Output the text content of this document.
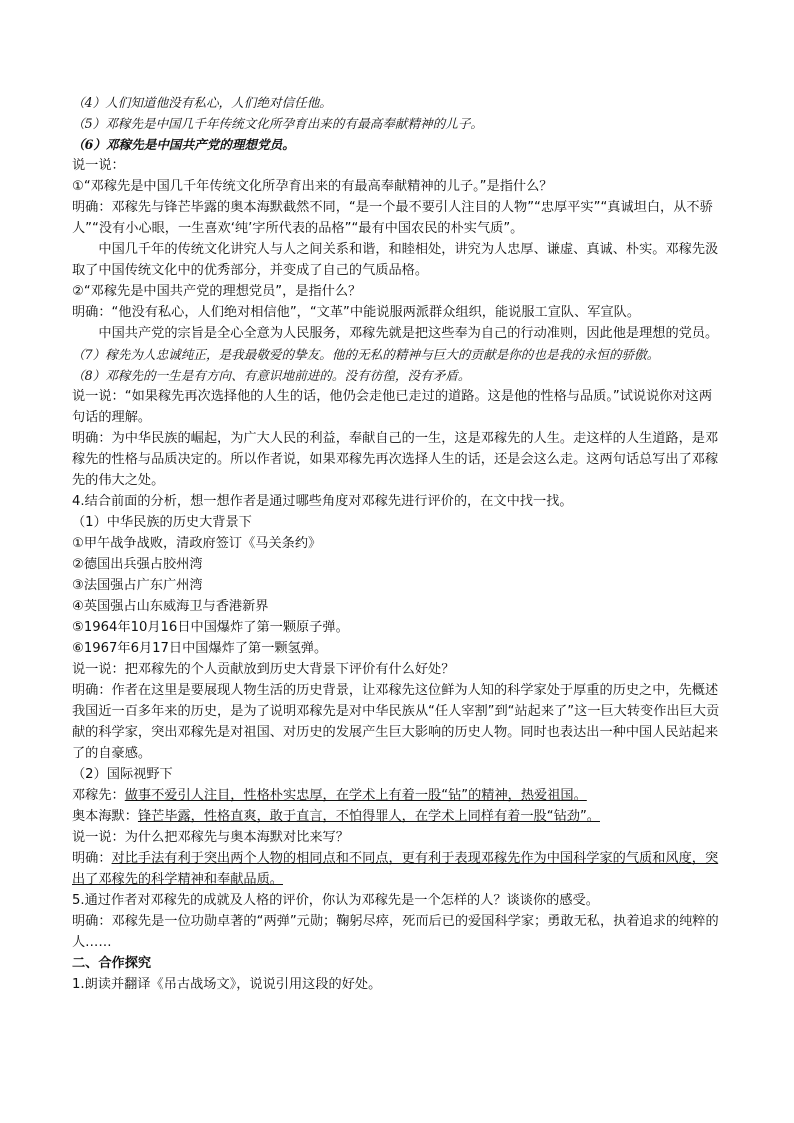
（4）人们知道他没有私心，人们绝对信任他。
（5）邓稼先是中国几千年传统文化所孕育出来的有最高奉献精神的儿子。
（6）邓稼先是中国共产党的理想党员。
说一说：
①“邓稼先是中国几千年传统文化所孕育出来的有最高奉献精神的儿子。”是指什么？
明确：邓稼先与锋芒毕露的奥本海默截然不同，“是一个最不要引人注目的人物”“忠厚平实”“真诚坦白，从不骄人”“没有小心眼，一生喜欢‘纯’字所代表的品格”“最有中国农民的朴实气质”。
中国几千年的传统文化讲究人与人之间关系和谐，和睦相处，讲究为人忠厚、谦虚、真诚、朴实。邓稼先汲取了中国传统文化中的优秀部分，并变成了自己的气质品格。
②“邓稼先是中国共产党的理想党员”，是指什么？
明确：“他没有私心，人们绝对相信他”，“文革”中能说服两派群众组织，能说服工宣队、军宣队。
中国共产党的宗旨是全心全意为人民服务，邓稼先就是把这些奉为自己的行动准则，因此他是理想的党员。
（7）稼先为人忠诚纯正，是我最敬爱的挚友。他的无私的精神与巨大的贡献是你的也是我的永恒的骄傲。
（8）邓稼先的一生是有方向、有意识地前进的。没有彷徨，没有矛盾。
说一说：“如果稼先再次选择他的人生的话，他仍会走他已走过的道路。这是他的性格与品质。”试说说你对这两句话的理解。
明确：为中华民族的崛起，为广大人民的利益，奉献自己的一生，这是邓稼先的人生。走这样的人生道路，是邓稼先的性格与品质决定的。所以作者说，如果邓稼先再次选择人生的话，还是会这么走。这两句话总写出了邓稼先的伟大之处。
4.结合前面的分析，想一想作者是通过哪些角度对邓稼先进行评价的，在文中找一找。
（1）中华民族的历史大背景下
①甲午战争战败，清政府签订《马关条约》
②德国出兵强占胶州湾
③法国强占广东广州湾
④英国强占山东威海卫与香港新界
⑤1964年10月16日中国爆炸了第一颗原子弹。
⑥1967年6月17日中国爆炸了第一颗氢弹。
说一说：把邓稼先的个人贡献放到历史大背景下评价有什么好处？
明确：作者在这里是要展现人物生活的历史背景，让邓稼先这位鲜为人知的科学家处于厚重的历史之中，先概述我国近一百多年来的历史，是为了说明邓稼先是对中华民族从“任人宰割”到“站起来了”这一巨大转变作出巨大贡献的科学家，突出邓稼先是对祖国、对历史的发展产生巨大影响的历史人物。同时也表达出一种中国人民站起来了的自豪感。
（2）国际视野下
邓稼先：做事不爱引人注目，性格朴实忠厚，在学术上有着一股“钻”的精神，热爱祖国。
奥本海默：锋芒毕露，性格直爽，敢于直言，不怕得罪人，在学术上同样有着一股“钻劲”。
说一说：为什么把邓稼先与奥本海默对比来写？
明确：对比手法有利于突出两个人物的相同点和不同点，更有利于表现邓稼先作为中国科学家的气质和风度，突出了邓稼先的科学精神和奉献品质。
5.通过作者对邓稼先的成就及人格的评价，你认为邓稼先是一个怎样的人？谈谈你的感受。
明确：邓稼先是一位功勋卓著的“两弹”元勋；鞠躬尽瘁，死而后已的爱国科学家；勇敢无私，执着追求的纯粹的人……
二、合作探究
1.朗读并翻译《吊古战场文》，说说引用这段的好处。
